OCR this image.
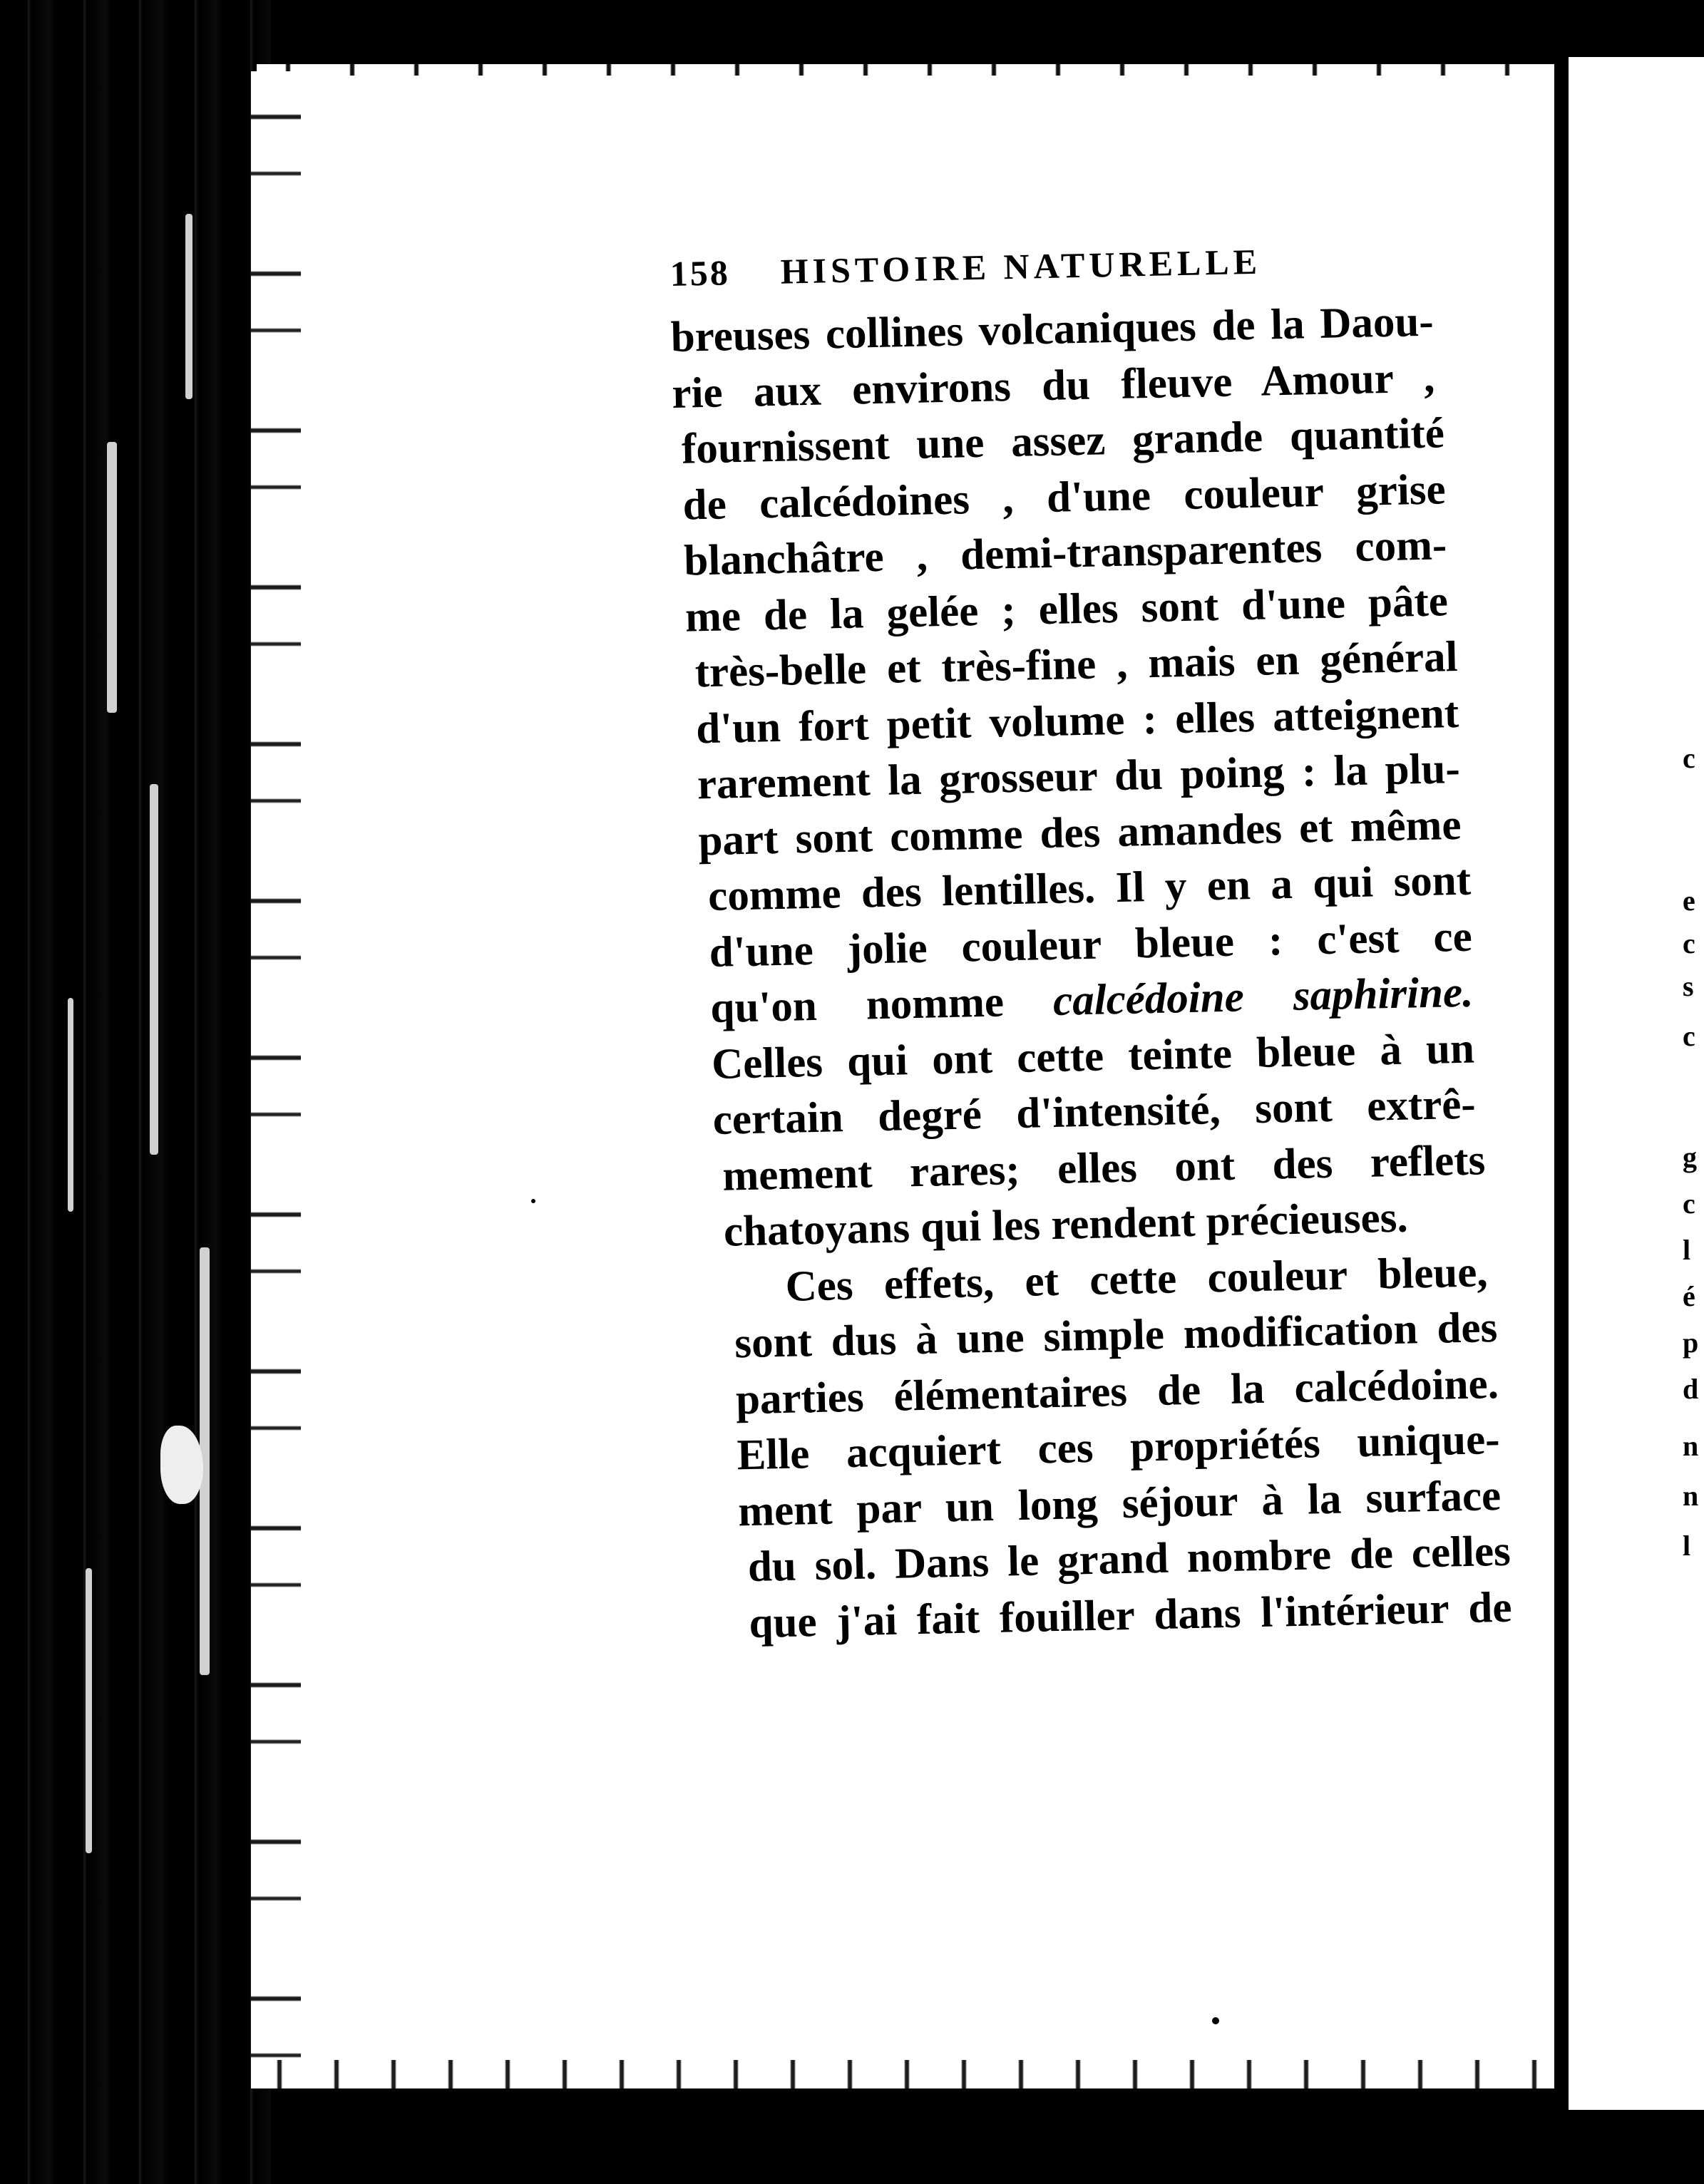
c
e
c
s
c
g
c
l
é
p
d
n
n
l
158	HISTOIRE NATURELLE
breuses collines volcaniques de la Daou-
rie aux environs du fleuve Amour ,
fournissent une assez grande quantité
de calcédoines , d'une couleur grise
blanchâtre , demi-transparentes com-
me de la gelée ; elles sont d'une pâte
très-belle et très-fine , mais en général
d'un fort petit volume : elles atteignent
rarement la grosseur du poing : la plu-
part sont comme des amandes et même
comme des lentilles. Il y en a qui sont
d'une jolie couleur bleue : c'est ce
qu'on nomme calcédoine saphirine.
Celles qui ont cette teinte bleue à un
certain degré d'intensité, sont extrê-
mement rares; elles ont des reflets
chatoyans qui les rendent précieuses.
Ces effets, et cette couleur bleue,
sont dus à une simple modification des
parties élémentaires de la calcédoine.
Elle acquiert ces propriétés unique-
ment par un long séjour à la surface
du sol. Dans le grand nombre de celles
que j'ai fait fouiller dans l'intérieur de
